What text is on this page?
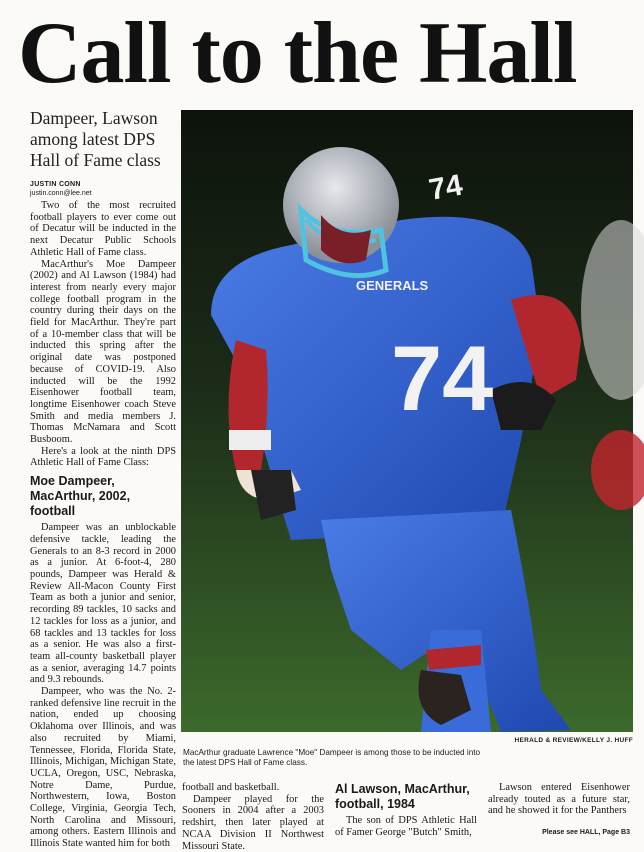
Call to the Hall
Dampeer, Lawson among latest DPS Hall of Fame class
JUSTIN CONN
justin.conn@lee.net

Two of the most recruited football players to ever come out of Decatur will be inducted in the next Decatur Public Schools Athletic Hall of Fame class.

MacArthur's Moe Dampeer (2002) and Al Lawson (1984) had interest from nearly every major college football program in the country during their days on the field for MacArthur. They're part of a 10-member class that will be inducted this spring after the original date was postponed because of COVID-19. Also inducted will be the 1992 Eisenhower football team, longtime Eisenhower coach Steve Smith and media members J. Thomas McNamara and Scott Busboom.

Here's a look at the ninth DPS Athletic Hall of Fame Class:

Moe Dampeer, MacArthur, 2002, football

Dampeer was an unblockable defensive tackle, leading the Generals to an 8-3 record in 2000 as a junior. At 6-foot-4, 280 pounds, Dampeer was Herald & Review All-Macon County First Team as both a junior and senior, recording 89 tackles, 10 sacks and 12 tackles for loss as a junior, and 68 tackles and 13 tackles for loss as a senior. He was also a first-team all-county basketball player as a senior, averaging 14.7 points and 9.3 rebounds.

Dampeer, who was the No. 2-ranked defensive line recruit in the nation, ended up choosing Oklahoma over Illinois, and was also recruited by Miami, Tennessee, Florida, Florida State, Illinois, Michigan, Michigan State, UCLA, Oregon, USC, Nebraska, Notre Dame, Purdue, Northwestern, Iowa, Boston College, Virginia, Georgia Tech, North Carolina and Missouri, among others. Eastern Illinois and Illinois State wanted him for both

74
GENERALS
74
HERALD & REVIEW/KELLY J. HUFF
MacArthur graduate Lawrence "Moe" Dampeer is among those to be inducted into the latest DPS Hall of Fame class.

football and basketball.

Dampeer played for the Sooners in 2004 after a 2003 redshirt, then later played at NCAA Division II Northwest Missouri State.

Al Lawson, MacArthur, football, 1984

The son of DPS Athletic Hall of Famer George "Butch" Smith,

Lawson entered Eisenhower already touted as a future star, and he showed it for the Panthers

Please see HALL, Page B3
